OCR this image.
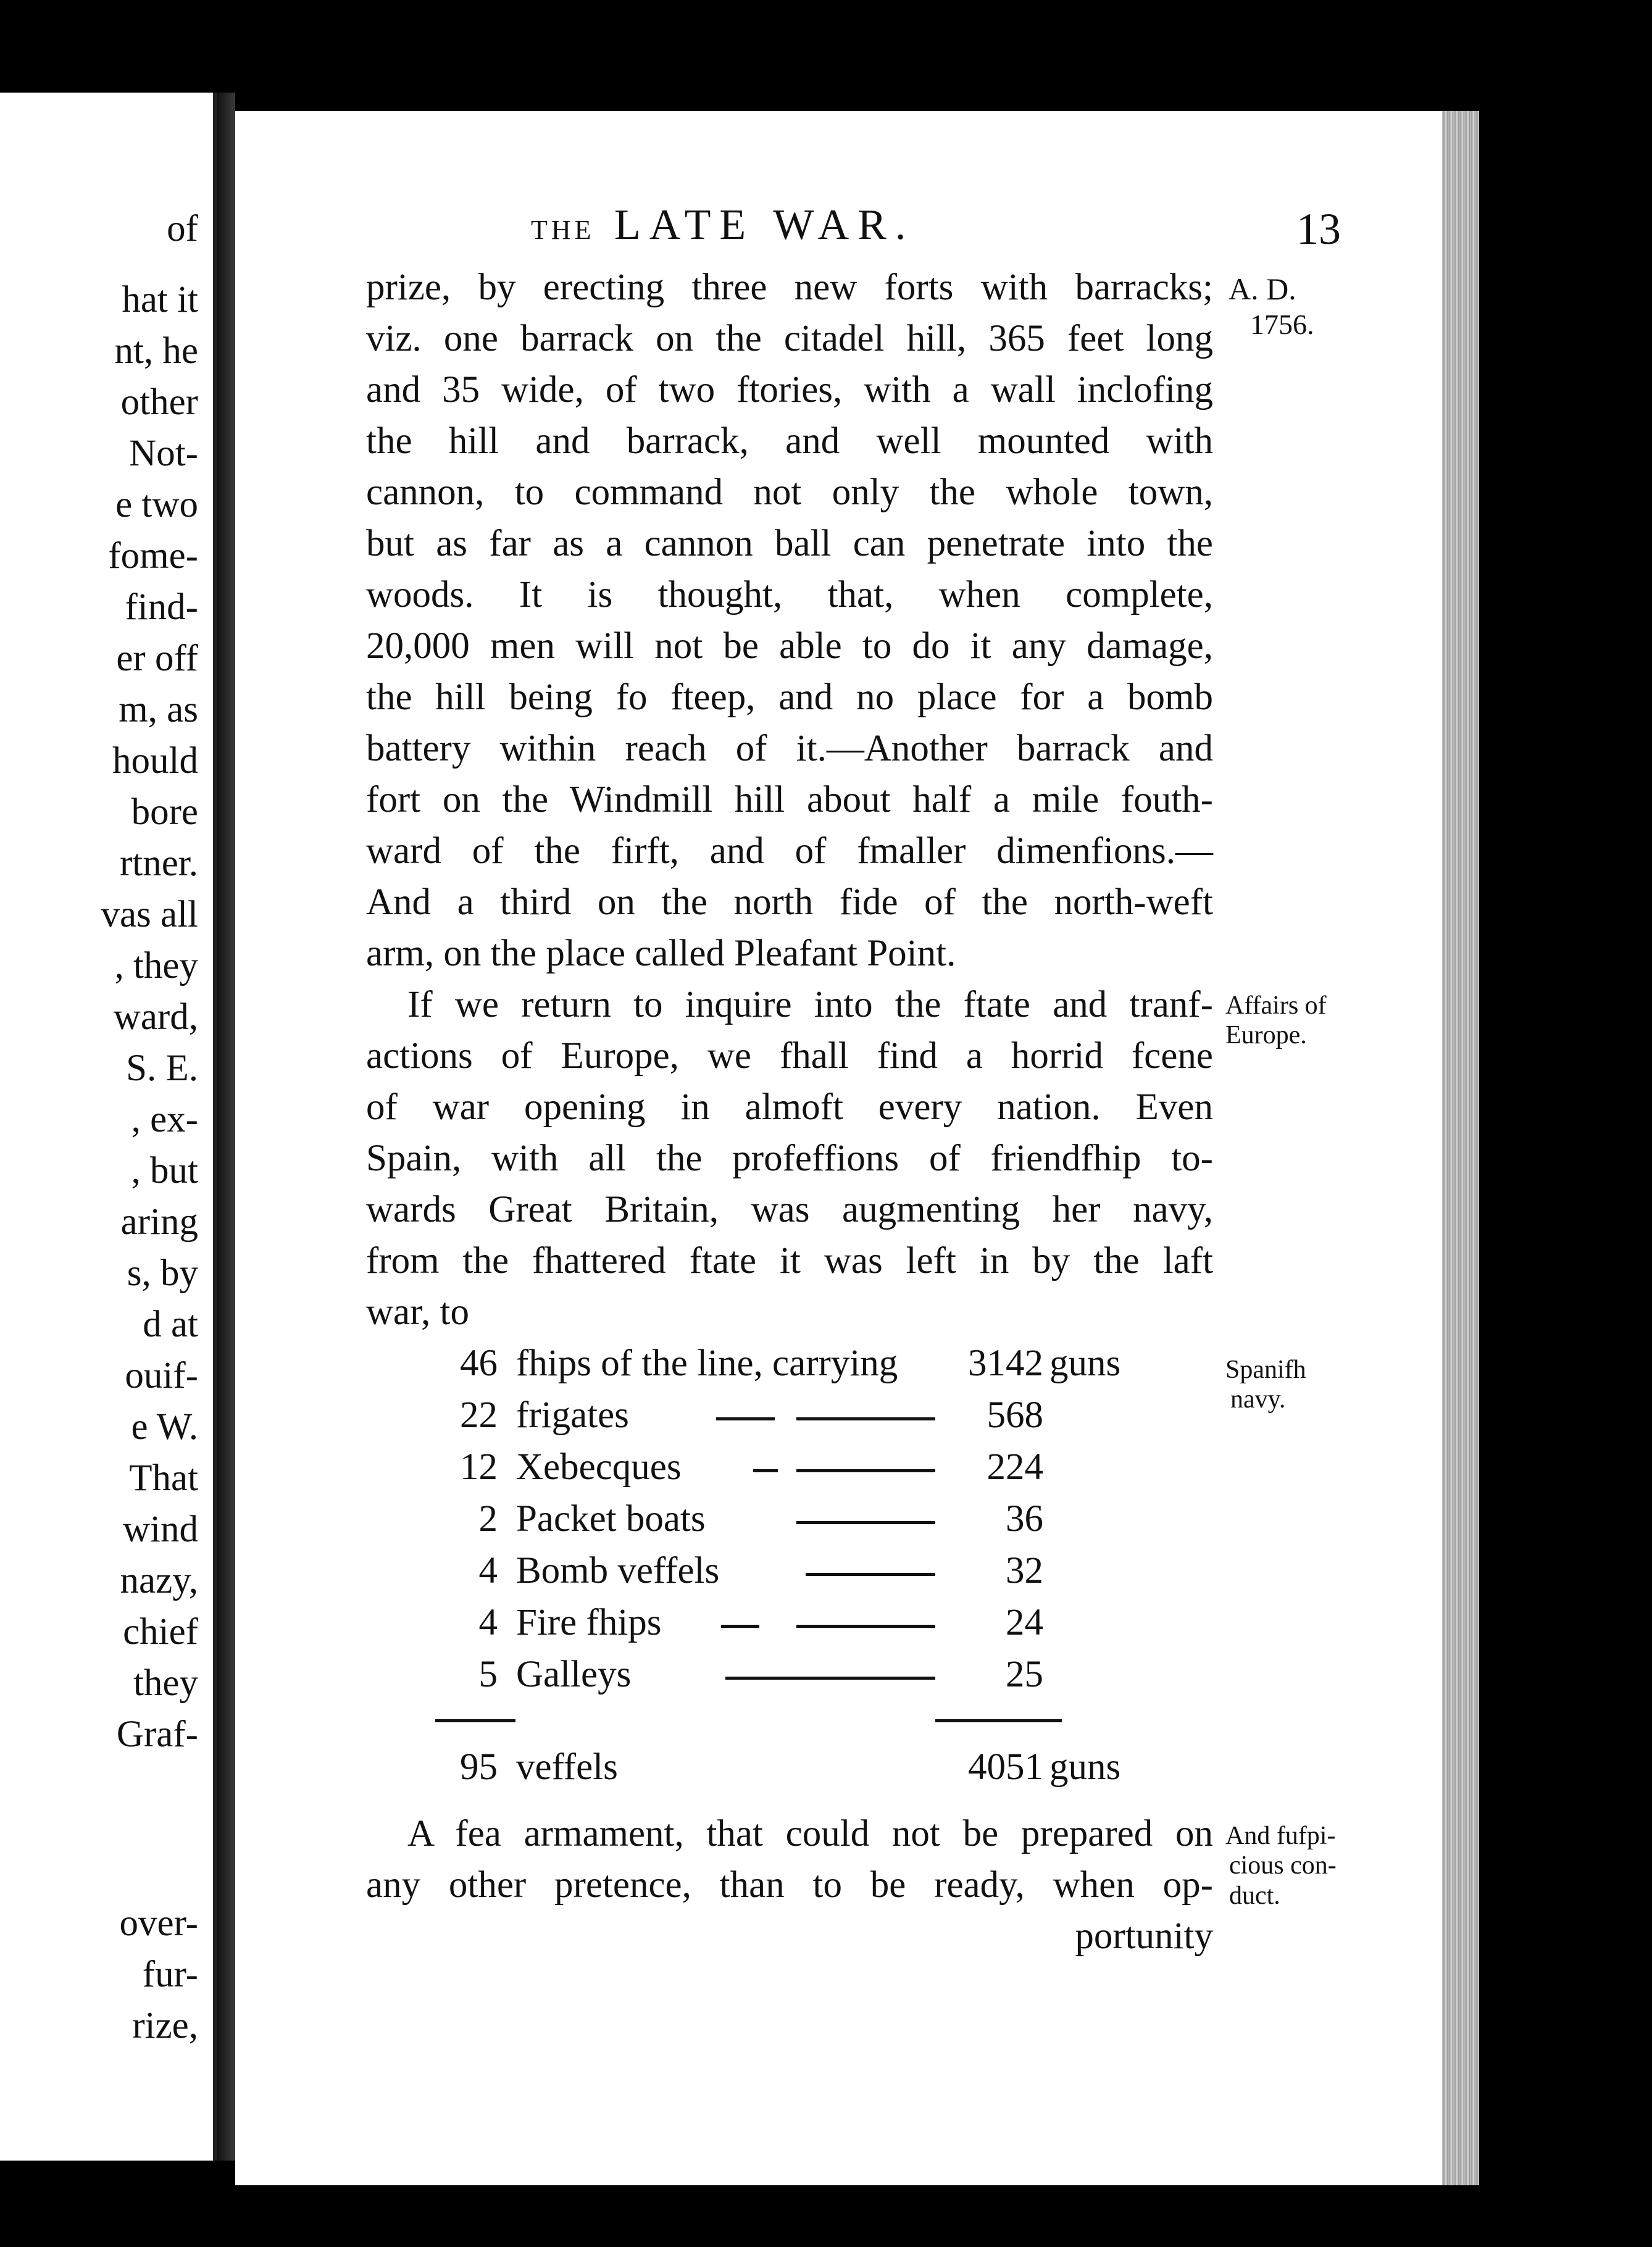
of
hat it
nt, he
other
Not-
e two
fome-
find-
er off
m, as
hould
bore
rtner.
vas all
, they
ward,
S. E.
, ex-
, but
aring
s, by
d at
ouif-
e W.
That
wind
nazy,
chief
they
Graf-
over-
fur-
rize,
THE LATE WAR.	13
prize, by erecting three new forts with barracks;
viz. one barrack on the citadel hill, 365 feet long
and 35 wide, of two ftories, with a wall inclofing
the hill and barrack, and well mounted with
cannon, to command not only the whole town,
but as far as a cannon ball can penetrate into the
woods. It is thought, that, when complete,
20,000 men will not be able to do it any damage,
the hill being fo fteep, and no place for a bomb
battery within reach of it.—Another barrack and
fort on the Windmill hill about half a mile fouth-
ward of the firft, and of fmaller dimenfions.—
And a third on the north fide of the north-weft
arm, on the place called Pleafant Point.
If we return to inquire into the ftate and tranf-
actions of Europe, we fhall find a horrid fcene
of war opening in almoft every nation. Even
Spain, with all the profeffions of friendfhip to-
wards Great Britain, was augmenting her navy,
from the fhattered ftate it was left in by the laft
war, to
46 fhips of the line, carrying	3142 guns
22 frigates	568
12 Xebecques	224
2 Packet boats	36
4 Bomb veffels	32
4 Fire fhips	24
5 Galleys	25
95 veffels	4051 guns
A fea armament, that could not be prepared on
any other pretence, than to be ready, when op-
portunity
A. D.
1756.
Affairs of
Europe.
Spanifh
navy.
And fufpi-
cious con-
duct.
